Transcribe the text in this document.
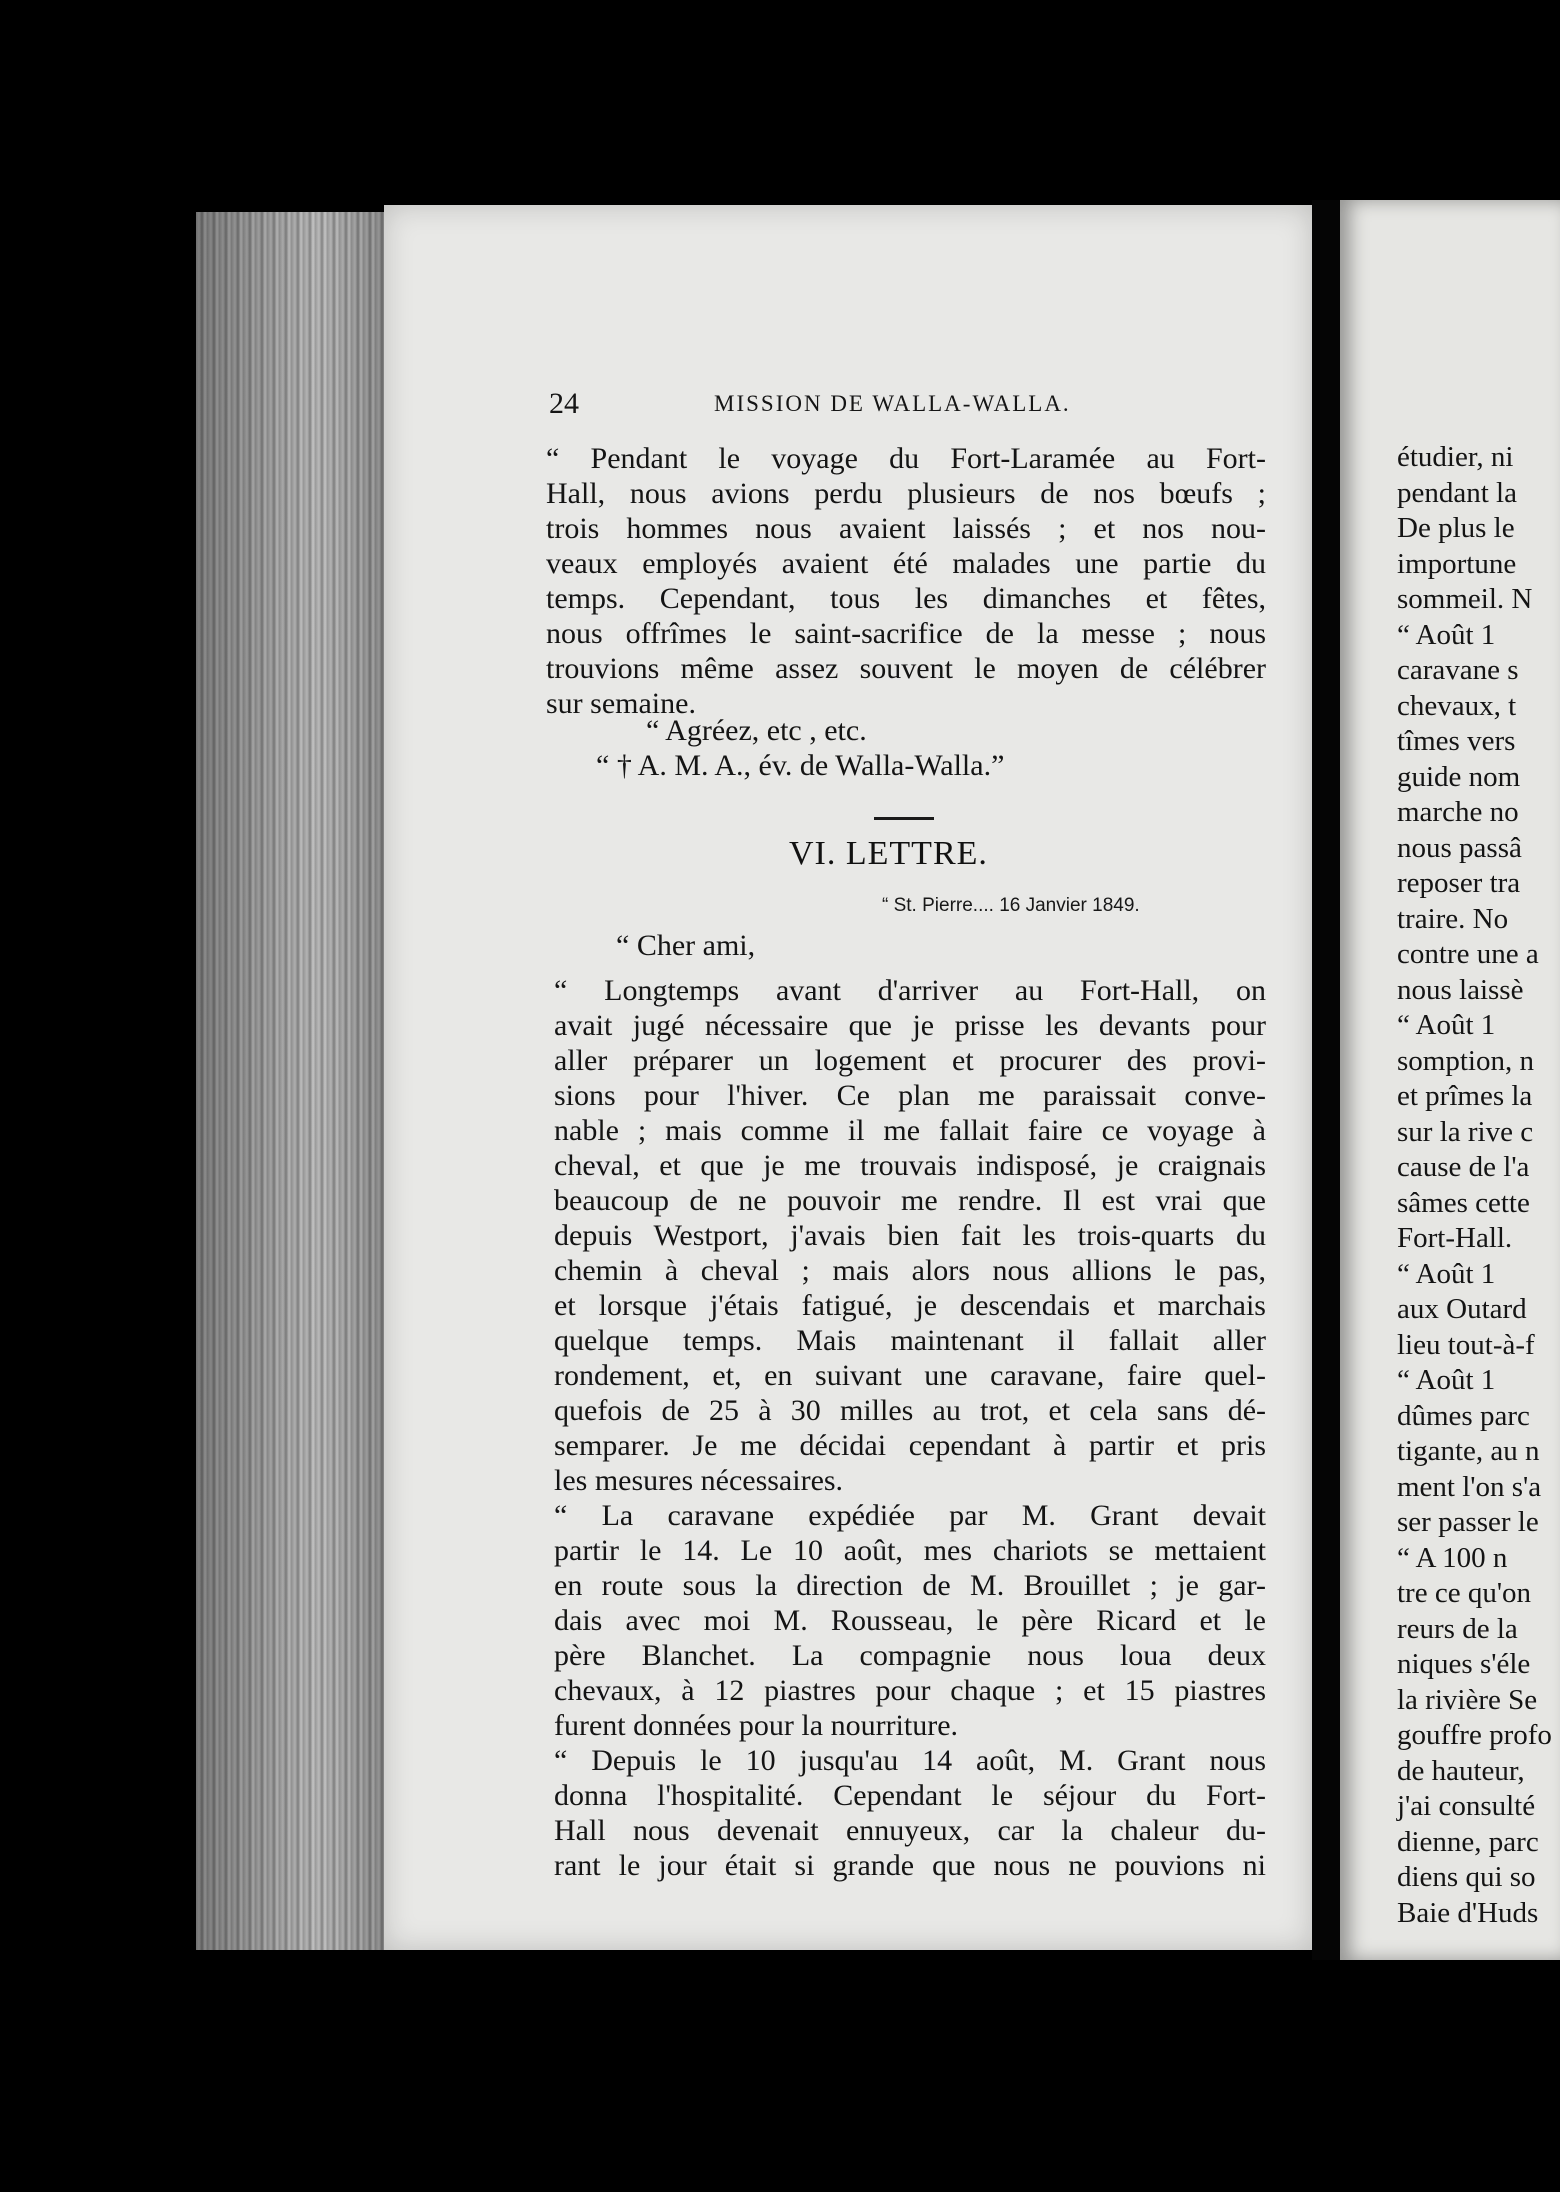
24	MISSION DE WALLA-WALLA.
“ Pendant le voyage du Fort-Laramée au Fort-
Hall, nous avions perdu plusieurs de nos bœufs ;
trois hommes nous avaient laissés ; et nos nou-
veaux employés avaient été malades une partie du
temps. Cependant, tous les dimanches et fêtes,
nous offrîmes le saint-sacrifice de la messe ; nous
trouvions même assez souvent le moyen de célébrer
sur semaine.
“ Agréez, etc , etc.
“ † A. M. A., év. de Walla-Walla.”
VI. LETTRE.
“ St. Pierre.... 16 Janvier 1849.
“ Cher ami,
“ Longtemps avant d'arriver au Fort-Hall, on
avait jugé nécessaire que je prisse les devants pour
aller préparer un logement et procurer des provi-
sions pour l'hiver. Ce plan me paraissait conve-
nable ; mais comme il me fallait faire ce voyage à
cheval, et que je me trouvais indisposé, je craignais
beaucoup de ne pouvoir me rendre. Il est vrai que
depuis Westport, j'avais bien fait les trois-quarts du
chemin à cheval ; mais alors nous allions le pas,
et lorsque j'étais fatigué, je descendais et marchais
quelque temps. Mais maintenant il fallait aller
rondement, et, en suivant une caravane, faire quel-
quefois de 25 à 30 milles au trot, et cela sans dé-
semparer. Je me décidai cependant à partir et pris
les mesures nécessaires.
“ La caravane expédiée par M. Grant devait
partir le 14. Le 10 août, mes chariots se mettaient
en route sous la direction de M. Brouillet ; je gar-
dais avec moi M. Rousseau, le père Ricard et le
père Blanchet. La compagnie nous loua deux
chevaux, à 12 piastres pour chaque ; et 15 piastres
furent données pour la nourriture.
“ Depuis le 10 jusqu'au 14 août, M. Grant nous
donna l'hospitalité. Cependant le séjour du Fort-
Hall nous devenait ennuyeux, car la chaleur du-
rant le jour était si grande que nous ne pouvions ni
étudier, ni
pendant la
De plus le
importune
sommeil. N
“ Août 1
caravane s
chevaux, t
tîmes vers
guide nom
marche no
nous passâ
reposer tra
traire. No
contre une a
nous laissè
“ Août 1
somption, n
et prîmes la
sur la rive c
cause de l'a
sâmes cette
Fort-Hall.
“ Août 1
aux Outard
lieu tout-à-f
“ Août 1
dûmes parc
tigante, au n
ment l'on s'a
ser passer le
“ A 100 n
tre ce qu'on
reurs de la
niques s'éle
la rivière Se
gouffre profo
de hauteur,
j'ai consulté
dienne, parc
diens qui so
Baie d'Huds
